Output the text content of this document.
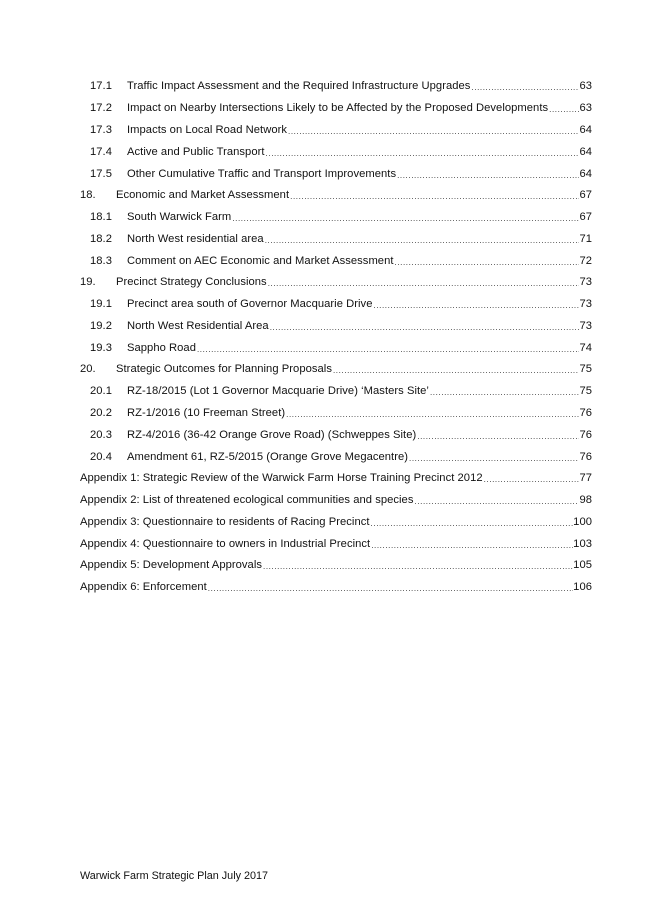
17.1	Traffic Impact Assessment and the Required Infrastructure Upgrades .....	63
17.2	Impact on Nearby Intersections Likely to be Affected by the Proposed Developments .....	63
17.3	Impacts on Local Road Network .....	64
17.4	Active and Public Transport .....	64
17.5	Other Cumulative Traffic and Transport Improvements .....	64
18.	Economic and Market Assessment .....	67
18.1	South Warwick Farm .....	67
18.2	North West residential area .....	71
18.3	Comment on AEC Economic and Market Assessment .....	72
19.	Precinct Strategy Conclusions .....	73
19.1	Precinct area south of Governor Macquarie Drive .....	73
19.2	North West Residential Area .....	73
19.3	Sappho Road .....	74
20.	Strategic Outcomes for Planning Proposals .....	75
20.1	RZ-18/2015 (Lot 1 Governor Macquarie Drive) ‘Masters Site’ .....	75
20.2	RZ-1/2016 (10 Freeman Street) .....	76
20.3	RZ-4/2016 (36-42 Orange Grove Road) (Schweppes Site) .....	76
20.4	Amendment 61, RZ-5/2015 (Orange Grove Megacentre) .....	76
Appendix 1: Strategic Review of the Warwick Farm Horse Training Precinct 2012 .....	77
Appendix 2: List of threatened ecological communities and species .....	98
Appendix 3: Questionnaire to residents of Racing Precinct .....	100
Appendix 4: Questionnaire to owners in Industrial Precinct .....	103
Appendix 5: Development Approvals .....	105
Appendix 6: Enforcement .....	106
Warwick Farm Strategic Plan July 2017
